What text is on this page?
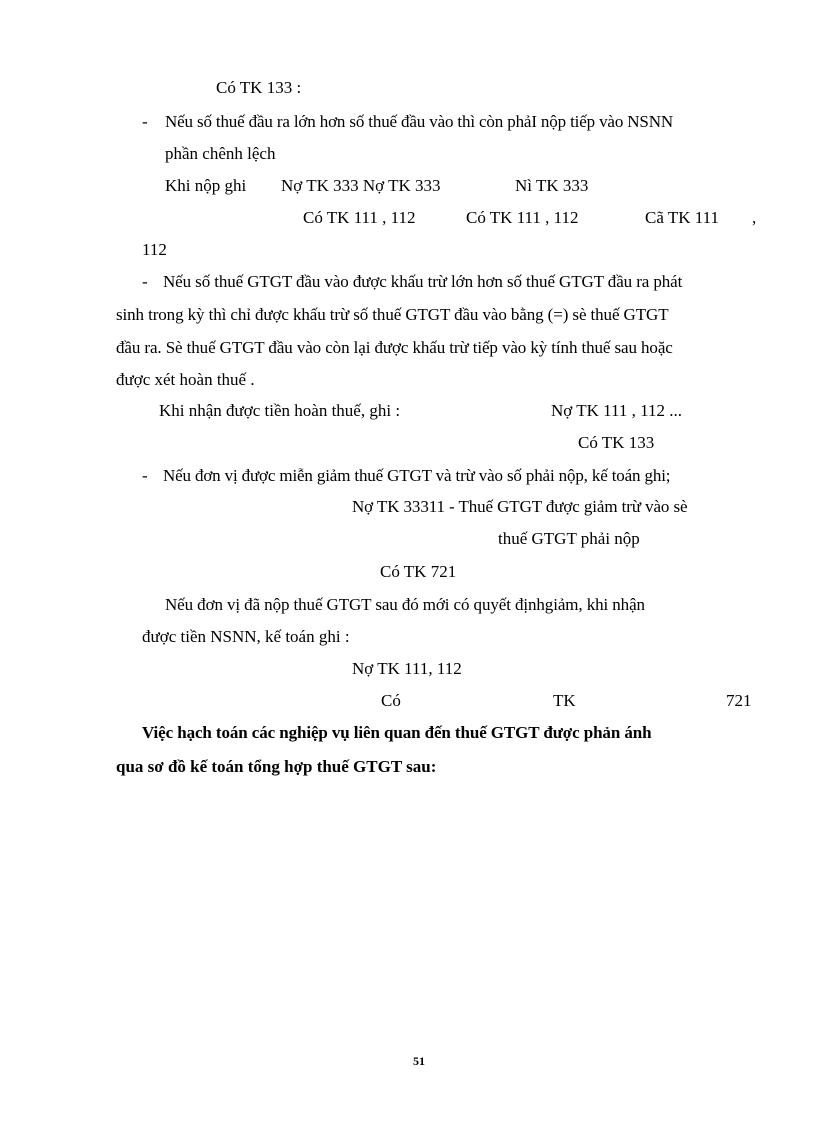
Có TK 133 :
- Nếu số thuế đầu ra lớn hơn số thuế đầu vào thì còn phảI nộp tiếp vào NSNN
phần chênh lệch
Khi nộp ghi Nợ TK 333 Nợ TK 333	Nì TK 333
Có TK 111 , 112	Có TK 111 , 112	Cã TK 111 ,
112
- Nếu số thuế GTGT đầu vào được khấu trừ lớn hơn số thuế GTGT đầu ra phát
sinh trong kỳ thì chỉ được khấu trừ số thuế GTGT đầu vào bằng (=) sè thuế GTGT
đầu ra. Sè thuế GTGT đầu vào còn lại được khấu trừ tiếp vào kỳ tính thuế sau hoặc
được xét hoàn thuế .
Khi nhận được tiền hoàn thuế, ghi :	Nợ TK 111 , 112 ...
Có TK 133
- Nếu đơn vị được miễn giảm thuế GTGT và trừ vào số phải nộp, kế toán ghi;
Nợ TK 33311 - Thuế GTGT được giảm trừ vào sè
thuế GTGT phải nộp
Có TK 721
Nếu đơn vị đã nộp thuế GTGT sau đó mới có quyết địnhgiảm, khi nhận
được tiền NSNN, kế toán ghi :
Nợ TK 111, 112
Có	TK	721
Việc hạch toán các nghiệp vụ liên quan đến thuế GTGT được phản ánh
qua sơ đồ kế toán tổng hợp thuế GTGT sau:
51
